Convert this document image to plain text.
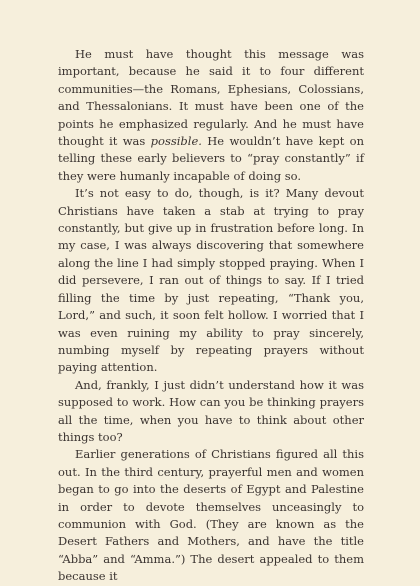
He must have thought this message was important, because he said it to four different communities—the Romans, Ephesians, Colossians, and Thessalonians. It must have been one of the points he emphasized regularly. And he must have thought it was possible. He wouldn’t have kept on telling these early believers to “pray constantly” if they were humanly incapable of doing so.

It’s not easy to do, though, is it? Many devout Christians have taken a stab at trying to pray constantly, but give up in frustration before long. In my case, I was always discovering that somewhere along the line I had simply stopped praying. When I did persevere, I ran out of things to say. If I tried filling the time by just repeating, “Thank you, Lord,” and such, it soon felt hollow. I worried that I was even ruining my ability to pray sincerely, numbing myself by repeating prayers without paying attention.

And, frankly, I just didn’t understand how it was supposed to work. How can you be thinking prayers all the time, when you have to think about other things too?

Earlier generations of Christians figured all this out. In the third century, prayerful men and women began to go into the deserts of Egypt and Palestine in order to devote themselves unceasingly to communion with God. (They are known as the Desert Fathers and Mothers, and have the title “Abba” and “Amma.”) The desert appealed to them because it
